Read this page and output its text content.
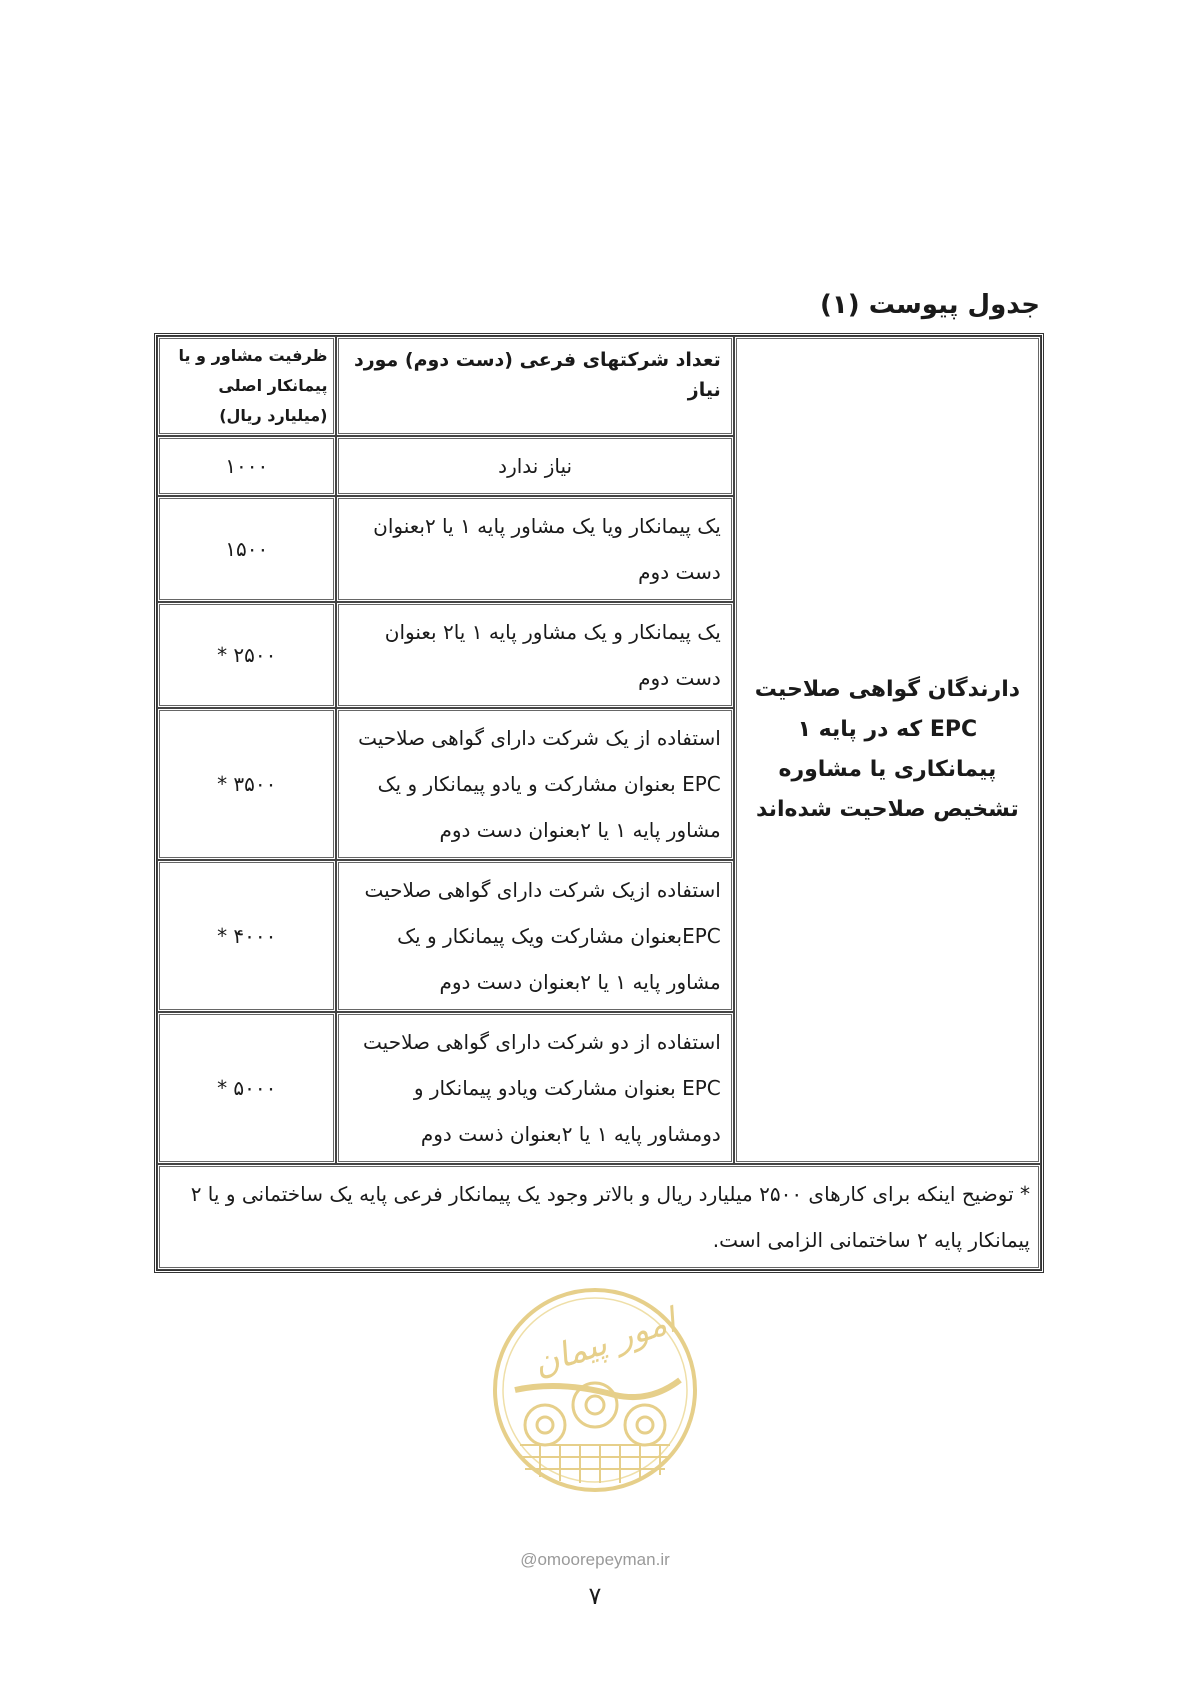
جدول پیوست (۱)
دارندگان گواهی صلاحیت EPC که در پایه ۱ پیمانکاری یا مشاوره تشخیص صلاحیت شده‌اند	تعداد شرکتهای فرعی (دست دوم) مورد نیاز	ظرفیت مشاور و یا پیمانکار اصلی (میلیارد ریال)
	نیاز ندارد	۱۰۰۰
	یک پیمانکار ویا یک مشاور پایه ۱ یا ۲بعنوان دست دوم	۱۵۰۰
	یک پیمانکار و یک مشاور پایه ۱ یا۲ بعنوان دست دوم	۲۵۰۰ *
	استفاده از یک شرکت دارای گواهی صلاحیت EPC بعنوان مشارکت و یادو پیمانکار و یک مشاور پایه ۱ یا ۲بعنوان دست دوم	۳۵۰۰ *
	استفاده ازیک شرکت دارای گواهی صلاحیت EPCبعنوان مشارکت ویک پیمانکار و یک مشاور پایه ۱ یا ۲بعنوان دست دوم	۴۰۰۰ *
	استفاده از دو شرکت دارای گواهی صلاحیت EPC بعنوان مشارکت ویادو پیمانکار و دومشاور پایه ۱ یا ۲بعنوان ذست دوم	۵۰۰۰ *
* توضیح اینکه برای کارهای ۲۵۰۰ میلیارد ریال و بالاتر وجود یک پیمانکار فرعی پایه یک ساختمانی و یا ۲ پیمانکار پایه ۲ ساختمانی الزامی است.		
امور پیمان
@omoorepeyman.ir
۷
